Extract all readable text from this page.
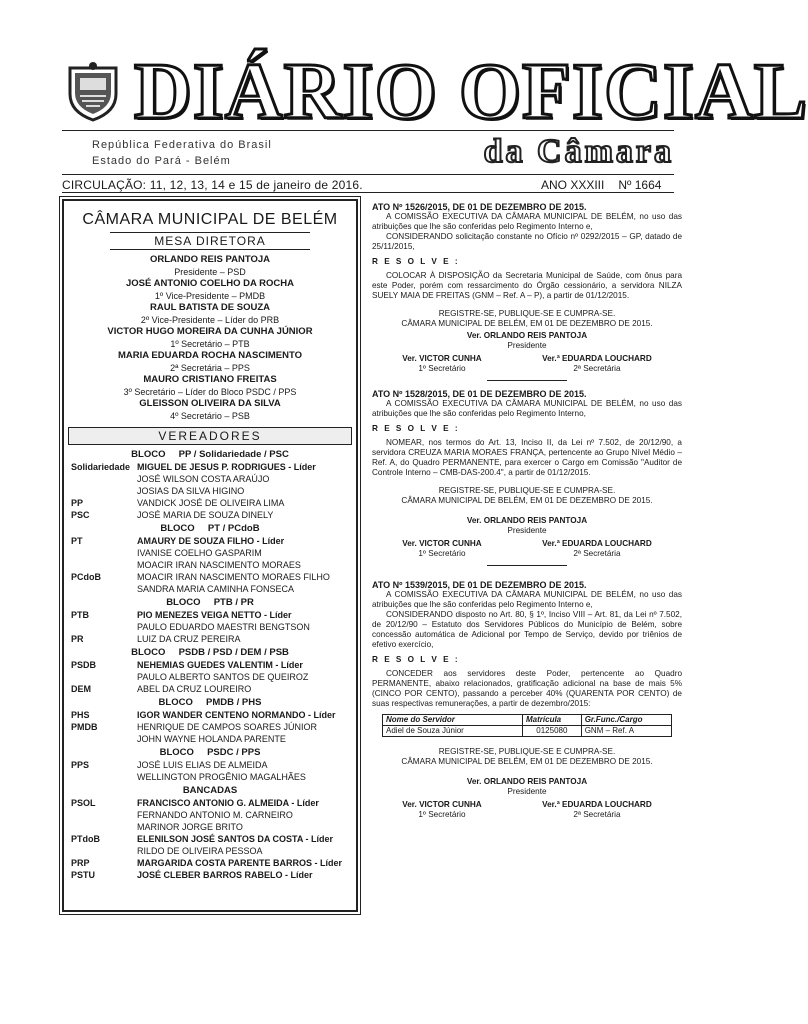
DIÁRIO OFICIAL
República Federativa do Brasil
Estado do Pará - Belém	da Câmara
CIRCULAÇÃO: 11, 12, 13, 14 e 15 de janeiro de 2016.	ANO XXXIII Nº 1664
CÂMARA MUNICIPAL DE BELÉM
MESA DIRETORA
ORLANDO REIS PANTOJA
Presidente – PSD
JOSÉ ANTONIO COELHO DA ROCHA
1º Vice-Presidente – PMDB
RAUL BATISTA DE SOUZA
2º Vice-Presidente – Líder do PRB
VICTOR HUGO MOREIRA DA CUNHA JÚNIOR
1º Secretário – PTB
MARIA EDUARDA ROCHA NASCIMENTO
2ª Secretária – PPS
MAURO CRISTIANO FREITAS
3º Secretário – Líder do Bloco PSDC / PPS
GLEISSON OLIVEIRA DA SILVA
4º Secretário – PSB
VEREADORES
BLOCO     PP / Solidariedade / PSC
Solidariedade MIGUEL DE JESUS P. RODRIGUES - Líder
JOSÉ WILSON COSTA ARAÚJO
JOSIAS DA SILVA HIGINO
PP	VANDICK JOSÉ DE OLIVEIRA LIMA
PSC	JOSÉ MARIA DE SOUZA DINELY
BLOCO     PT / PCdoB
PT	AMAURY DE SOUZA FILHO - Líder
IVANISE COELHO GASPARIM
MOACIR IRAN NASCIMENTO MORAES
PCdoB	MOACIR IRAN NASCIMENTO MORAES FILHO
SANDRA MARIA CAMINHA FONSECA
BLOCO     PTB / PR
PTB	PIO MENEZES VEIGA NETTO - Líder
PAULO EDUARDO MAESTRI BENGTSON
PR	LUIZ DA CRUZ PEREIRA
BLOCO     PSDB / PSD / DEM / PSB
PSDB	NEHEMIAS GUEDES VALENTIM - Líder
PAULO ALBERTO SANTOS DE QUEIROZ
DEM	ABEL DA CRUZ LOUREIRO
BLOCO     PMDB / PHS
PHS	IGOR WANDER CENTENO NORMANDO - Líder
PMDB	HENRIQUE DE CAMPOS SOARES JÚNIOR
JOHN WAYNE HOLANDA PARENTE
BLOCO     PSDC / PPS
PPS	JOSÉ LUIS ELIAS DE ALMEIDA
WELLINGTON PROGÊNIO MAGALHÃES
BANCADAS
PSOL	FRANCISCO ANTONIO G. ALMEIDA - Líder
FERNANDO ANTONIO M. CARNEIRO
MARINOR JORGE BRITO
PTdoB	ELENILSON JOSÉ SANTOS DA COSTA - Líder
RILDO DE OLIVEIRA PESSOA
PRP	MARGARIDA COSTA PARENTE BARROS - Líder
PSTU	JOSÉ CLEBER BARROS RABELO - Líder
ATO Nº 1526/2015, DE 01 DE DEZEMBRO DE 2015.
A COMISSÃO EXECUTIVA DA CÂMARA MUNICIPAL DE BELÉM, no uso das atribuições que lhe são conferidas pelo Regimento Interno e,
CONSIDERANDO solicitação constante no Ofício nº 0292/2015 – GP, datado de 25/11/2015,
R E S O L V E :
COLOCAR À DISPOSIÇÃO da Secretaria Municipal de Saúde, com ônus para este Poder, porém com ressarcimento do Órgão cessionário, a servidora NILZA SUELY MAIA DE FREITAS (GNM – Ref. A – P), a partir de 01/12/2015.
REGISTRE-SE, PUBLIQUE-SE E CUMPRA-SE.
CÂMARA MUNICIPAL DE BELÉM, EM 01 DE DEZEMBRO DE 2015.
Ver. ORLANDO REIS PANTOJA
Presidente
Ver. VICTOR CUNHA
1º Secretário
Ver.ª EDUARDA LOUCHARD
2ª Secretária
ATO Nº 1528/2015, DE 01 DE DEZEMBRO DE 2015.
A COMISSÃO EXECUTIVA DA CÂMARA MUNICIPAL DE BELÉM, no uso das atribuições que lhe são conferidas pelo Regimento Interno,
R E S O L V E :
NOMEAR, nos termos do Art. 13, Inciso II, da Lei nº 7.502, de 20/12/90, a servidora CREUZA MARIA MORAES FRANÇA, pertencente ao Grupo Nível Médio – Ref. A, do Quadro PERMANENTE, para exercer o Cargo em Comissão "Auditor de Controle Interno – CMB-DAS-200.4", a partir de 01/12/2015.
REGISTRE-SE, PUBLIQUE-SE E CUMPRA-SE.
CÂMARA MUNICIPAL DE BELÉM, EM 01 DE DEZEMBRO DE 2015.
Ver. ORLANDO REIS PANTOJA
Presidente
Ver. VICTOR CUNHA
1º Secretário
Ver.ª EDUARDA LOUCHARD
2ª Secretária
ATO Nº 1539/2015, DE 01 DE DEZEMBRO DE 2015.
A COMISSÃO EXECUTIVA DA CÂMARA MUNICIPAL DE BELÉM, no uso das atribuições que lhe são conferidas pelo Regimento Interno e,
CONSIDERANDO disposto no Art. 80, § 1º, Inciso VIII – Art. 81, da Lei nº 7.502, de 20/12/90 – Estatuto dos Servidores Públicos do Município de Belém, sobre concessão automática de Adicional por Tempo de Serviço, devido por triênios de efetivo exercício,
R E S O L V E :
CONCEDER aos servidores deste Poder, pertencente ao Quadro PERMANENTE, abaixo relacionados, gratificação adicional na base de mais 5% (CINCO POR CENTO), passando a perceber 40% (QUARENTA POR CENTO) de suas respectivas remunerações, a partir de dezembro/2015:
Nome do Servidor	Matrícula	Gr.Func./Cargo
Adiel de Souza Júnior	0125080	GNM – Ref. A
REGISTRE-SE, PUBLIQUE-SE E CUMPRA-SE.
CÂMARA MUNICIPAL DE BELÉM, EM 01 DE DEZEMBRO DE 2015.
Ver. ORLANDO REIS PANTOJA
Presidente
Ver. VICTOR CUNHA
1º Secretário
Ver.ª EDUARDA LOUCHARD
2ª Secretária
